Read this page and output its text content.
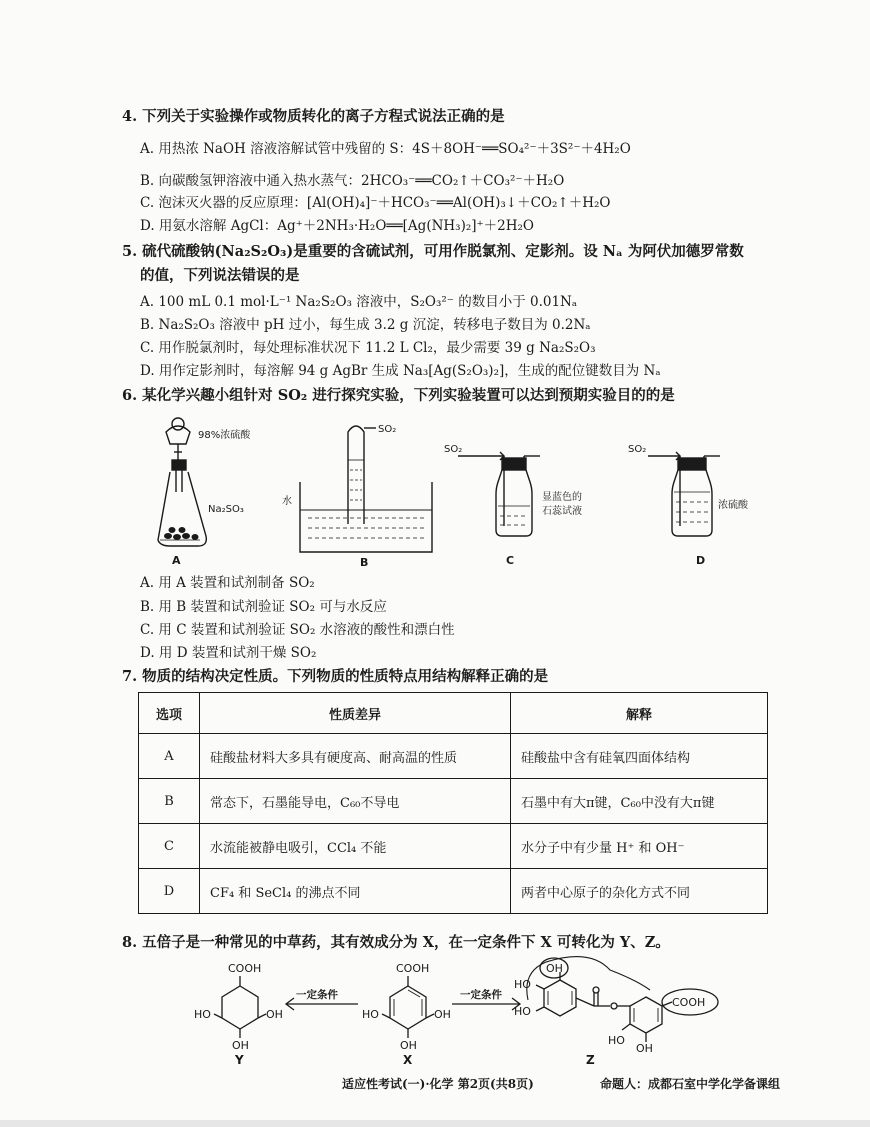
4. 下列关于实验操作或物质转化的离子方程式说法正确的是
A. 用热浓 NaOH 溶液溶解试管中残留的 S：4S＋8OH⁻══SO₄²⁻＋3S²⁻＋4H₂O
B. 向碳酸氢钾溶液中通入热水蒸气：2HCO₃⁻══CO₂↑＋CO₃²⁻＋H₂O
C. 泡沫灭火器的反应原理：[Al(OH)₄]⁻＋HCO₃⁻══Al(OH)₃↓＋CO₂↑＋H₂O
D. 用氨水溶解 AgCl：Ag⁺＋2NH₃·H₂O══[Ag(NH₃)₂]⁺＋2H₂O
5. 硫代硫酸钠(Na₂S₂O₃)是重要的含硫试剂，可用作脱氯剂、定影剂。设 Nₐ 为阿伏加德罗常数
的值，下列说法错误的是
A. 100 mL 0.1 mol·L⁻¹ Na₂S₂O₃ 溶液中，S₂O₃²⁻ 的数目小于 0.01Nₐ
B. Na₂S₂O₃ 溶液中 pH 过小，每生成 3.2 g 沉淀，转移电子数目为 0.2Nₐ
C. 用作脱氯剂时，每处理标准状况下 11.2 L Cl₂，最少需要 39 g Na₂S₂O₃
D. 用作定影剂时，每溶解 94 g AgBr 生成 Na₃[Ag(S₂O₃)₂]，生成的配位键数目为 Nₐ
6. 某化学兴趣小组针对 SO₂ 进行探究实验，下列实验装置可以达到预期实验目的的是
98%浓硫酸
Na₂SO₃
SO₂
水
SO₂
显蓝色的
石蕊试液
SO₂
浓硫酸
A	B	C	D
A. 用 A 装置和试剂制备 SO₂
B. 用 B 装置和试剂验证 SO₂ 可与水反应
C. 用 C 装置和试剂验证 SO₂ 水溶液的酸性和漂白性
D. 用 D 装置和试剂干燥 SO₂
7. 物质的结构决定性质。下列物质的性质特点用结构解释正确的是
选项	性质差异	解释
A	硅酸盐材料大多具有硬度高、耐高温的性质	硅酸盐中含有硅氧四面体结构
B	常态下，石墨能导电，C₆₀不导电	石墨中有大π键，C₆₀中没有大π键
C	水流能被静电吸引，CCl₄ 不能	水分子中有少量 H⁺ 和 OH⁻
D	CF₄ 和 SeCl₄ 的沸点不同	两者中心原子的杂化方式不同
8. 五倍子是一种常见的中草药，其有效成分为 X，在一定条件下 X 可转化为 Y、Z。
COOH
HO	OH
OH
COOH
HO	OH
OH
OH
HO
HO
COOH
HO
OH
一定条件	一定条件
Y	X	Z
适应性考试(一)·化学 第2页(共8页)	命题人：成都石室中学化学备课组
